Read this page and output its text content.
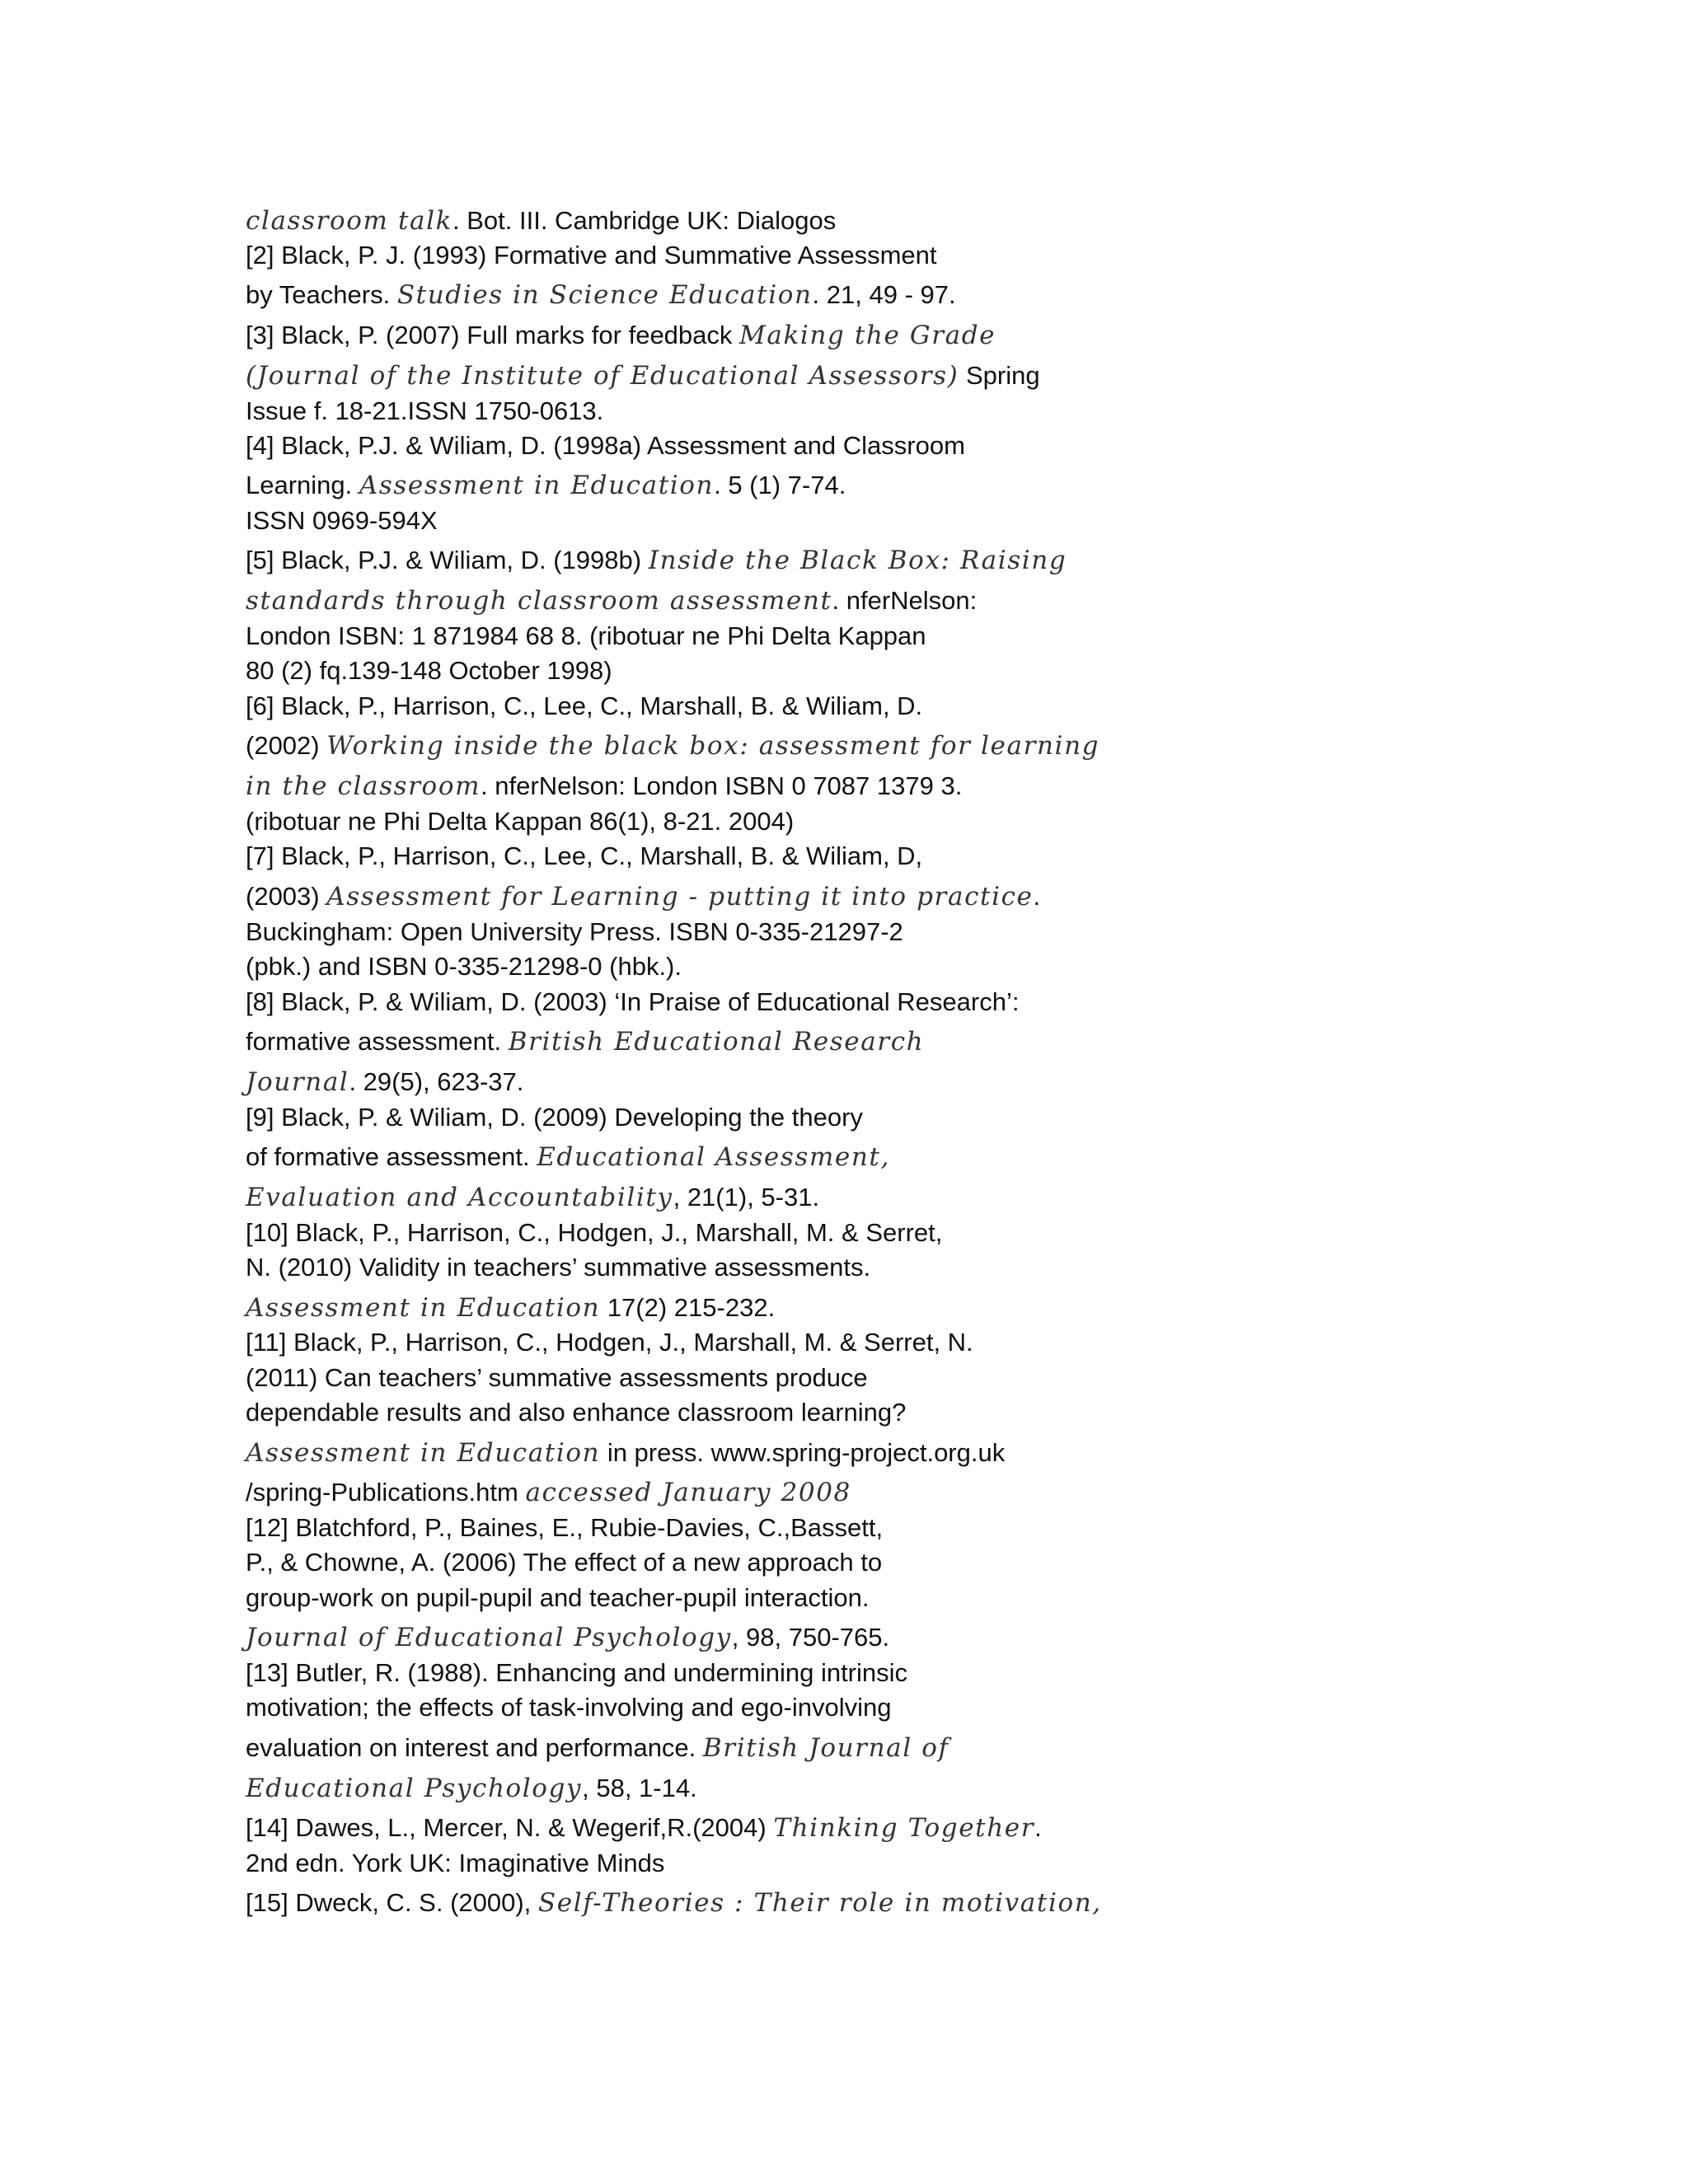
classroom talk. Bot. III. Cambridge UK: Dialogos
[2] Black, P. J. (1993) Formative and Summative Assessment
by Teachers. Studies in Science Education. 21, 49 - 97.
[3] Black, P. (2007) Full marks for feedback Making the Grade
(Journal of the Institute of Educational Assessors) Spring
Issue f. 18-21.ISSN 1750-0613.
[4] Black, P.J. & Wiliam, D. (1998a) Assessment and Classroom
Learning. Assessment in Education. 5 (1) 7-74.
ISSN 0969-594X
[5] Black, P.J. & Wiliam, D. (1998b) Inside the Black Box: Raising
standards through classroom assessment. nferNelson:
London ISBN: 1 871984 68 8. (ribotuar ne Phi Delta Kappan
80 (2) fq.139-148 October 1998)
[6] Black, P., Harrison, C., Lee, C., Marshall, B. & Wiliam, D.
(2002) Working inside the black box: assessment for learning
in the classroom. nferNelson: London ISBN 0 7087 1379 3.
(ribotuar ne Phi Delta Kappan 86(1), 8-21. 2004)
[7] Black, P., Harrison, C., Lee, C., Marshall, B. & Wiliam, D,
(2003) Assessment for Learning - putting it into practice.
Buckingham: Open University Press. ISBN 0-335-21297-2
(pbk.) and ISBN 0-335-21298-0 (hbk.).
[8] Black, P. & Wiliam, D. (2003) ‘In Praise of Educational Research’:
formative assessment. British Educational Research
Journal. 29(5), 623-37.
[9] Black, P. & Wiliam, D. (2009) Developing the theory
of formative assessment. Educational Assessment,
Evaluation and Accountability, 21(1), 5-31.
[10] Black, P., Harrison, C., Hodgen, J., Marshall, M. & Serret,
N. (2010) Validity in teachers’ summative assessments.
Assessment in Education 17(2) 215-232.
[11] Black, P., Harrison, C., Hodgen, J., Marshall, M. & Serret, N.
(2011) Can teachers’ summative assessments produce
dependable results and also enhance classroom learning?
Assessment in Education in press. www.spring-project.org.uk
/spring-Publications.htm accessed January 2008
[12] Blatchford, P., Baines, E., Rubie-Davies, C.,Bassett,
P., & Chowne, A. (2006) The effect of a new approach to
group-work on pupil-pupil and teacher-pupil interaction.
Journal of Educational Psychology, 98, 750-765.
[13] Butler, R. (1988). Enhancing and undermining intrinsic
motivation; the effects of task-involving and ego-involving
evaluation on interest and performance. British Journal of
Educational Psychology, 58, 1-14.
[14] Dawes, L., Mercer, N. & Wegerif,R.(2004) Thinking Together.
2nd edn. York UK: Imaginative Minds
[15] Dweck, C. S. (2000), Self-Theories : Their role in motivation,
